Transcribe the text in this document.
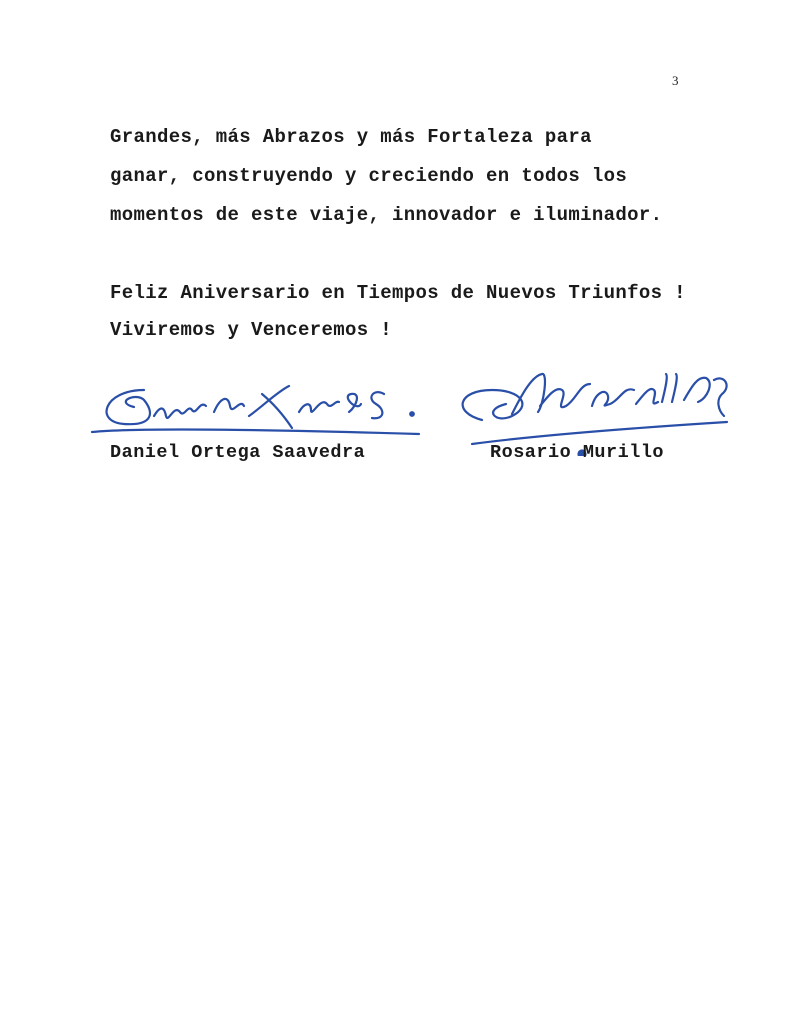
3
Grandes, más Abrazos y más Fortaleza para
ganar, construyendo y creciendo en todos los
momentos de este viaje, innovador e iluminador.
Feliz Aniversario en Tiempos de Nuevos Triunfos !
Viviremos y Venceremos !
Daniel Ortega Saavedra	Rosario Murillo
